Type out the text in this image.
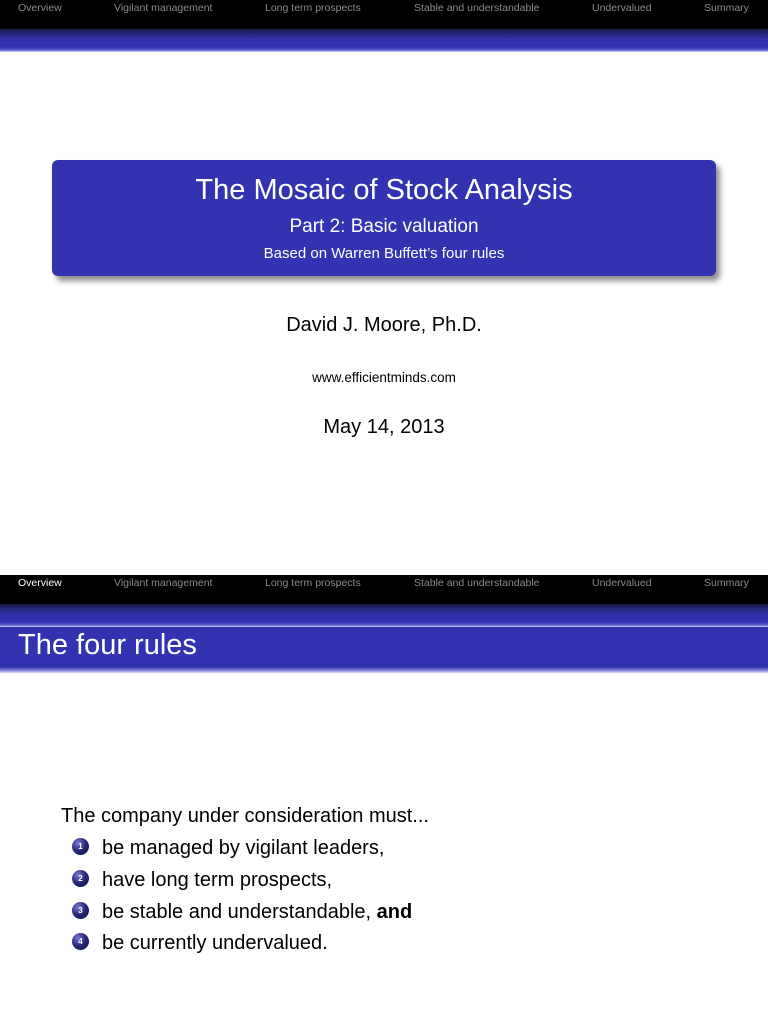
Overview	Vigilant management	Long term prospects	Stable and understandable	Undervalued	Summary
The Mosaic of Stock Analysis
Part 2: Basic valuation
Based on Warren Buffett’s four rules
David J. Moore, Ph.D.
www.efficientminds.com
May 14, 2013
Overview	Vigilant management	Long term prospects	Stable and understandable	Undervalued	Summary
The four rules
The company under consideration must...
1 be managed by vigilant leaders,
2 have long term prospects,
3 be stable and understandable, and
4 be currently undervalued.
